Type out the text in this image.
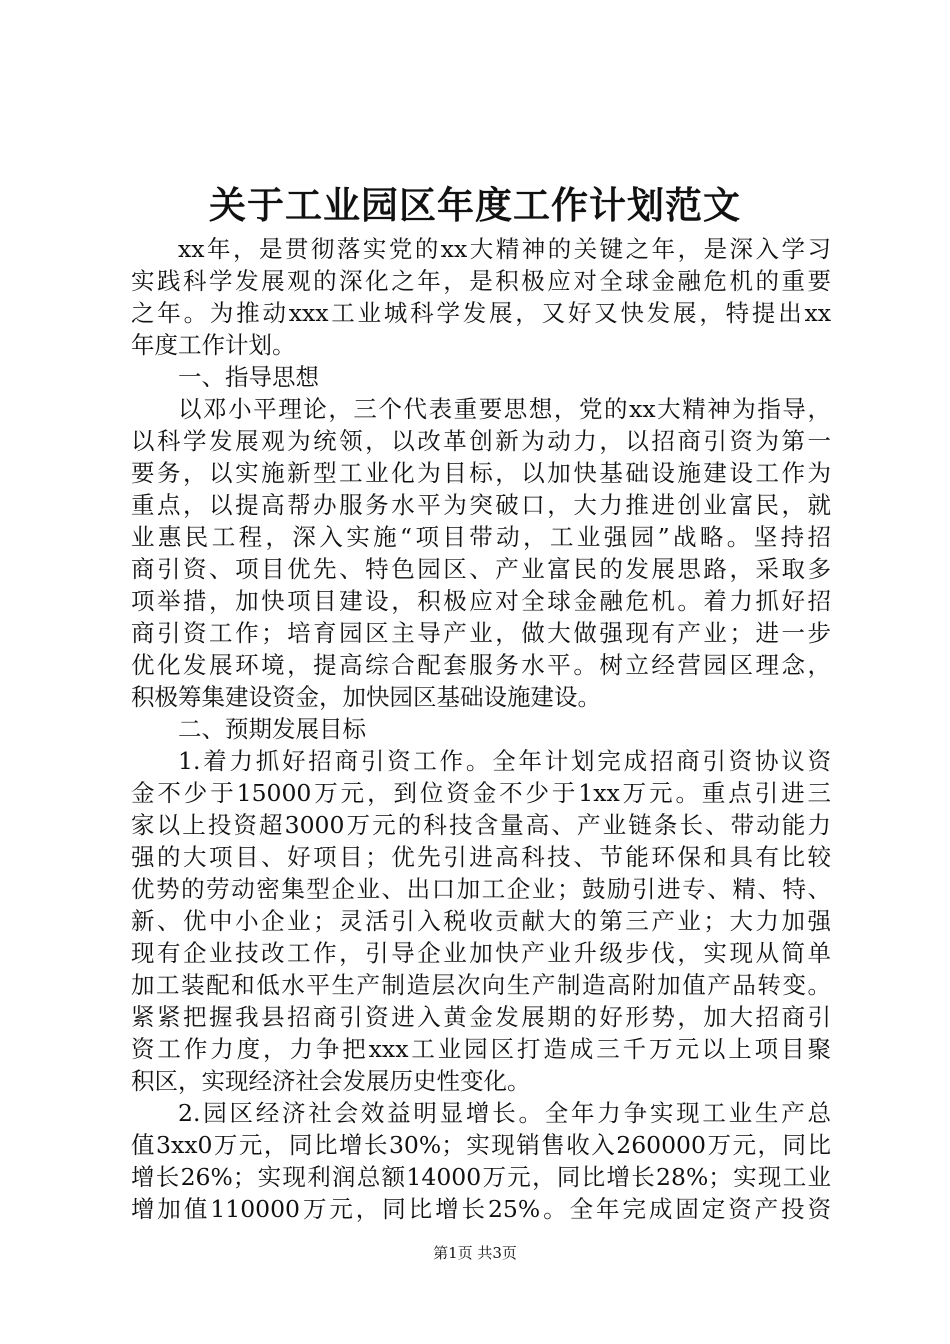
关于工业园区年度工作计划范文
xx年，是贯彻落实党的xx大精神的关键之年，是深入学习
实践科学发展观的深化之年，是积极应对全球金融危机的重要
之年。为推动xxx工业城科学发展，又好又快发展，特提出xx
年度工作计划。
一、指导思想
以邓小平理论，三个代表重要思想，党的xx大精神为指导，
以科学发展观为统领，以改革创新为动力，以招商引资为第一
要务，以实施新型工业化为目标，以加快基础设施建设工作为
重点，以提高帮办服务水平为突破口，大力推进创业富民，就
业惠民工程，深入实施“项目带动，工业强园”战略。坚持招
商引资、项目优先、特色园区、产业富民的发展思路，采取多
项举措，加快项目建设，积极应对全球金融危机。着力抓好招
商引资工作；培育园区主导产业，做大做强现有产业；进一步
优化发展环境，提高综合配套服务水平。树立经营园区理念，
积极筹集建设资金，加快园区基础设施建设。
二、预期发展目标
1.着力抓好招商引资工作。全年计划完成招商引资协议资
金不少于15000万元，到位资金不少于1xx万元。重点引进三
家以上投资超3000万元的科技含量高、产业链条长、带动能力
强的大项目、好项目；优先引进高科技、节能环保和具有比较
优势的劳动密集型企业、出口加工企业；鼓励引进专、精、特、
新、优中小企业；灵活引入税收贡献大的第三产业；大力加强
现有企业技改工作，引导企业加快产业升级步伐，实现从简单
加工装配和低水平生产制造层次向生产制造高附加值产品转变。
紧紧把握我县招商引资进入黄金发展期的好形势，加大招商引
资工作力度，力争把xxx工业园区打造成三千万元以上项目聚
积区，实现经济社会发展历史性变化。
2.园区经济社会效益明显增长。全年力争实现工业生产总
值3xx0万元，同比增长30%；实现销售收入260000万元，同比
增长26%；实现利润总额14000万元，同比增长28%；实现工业
增加值110000万元，同比增长25%。全年完成固定资产投资
第1页 共3页
